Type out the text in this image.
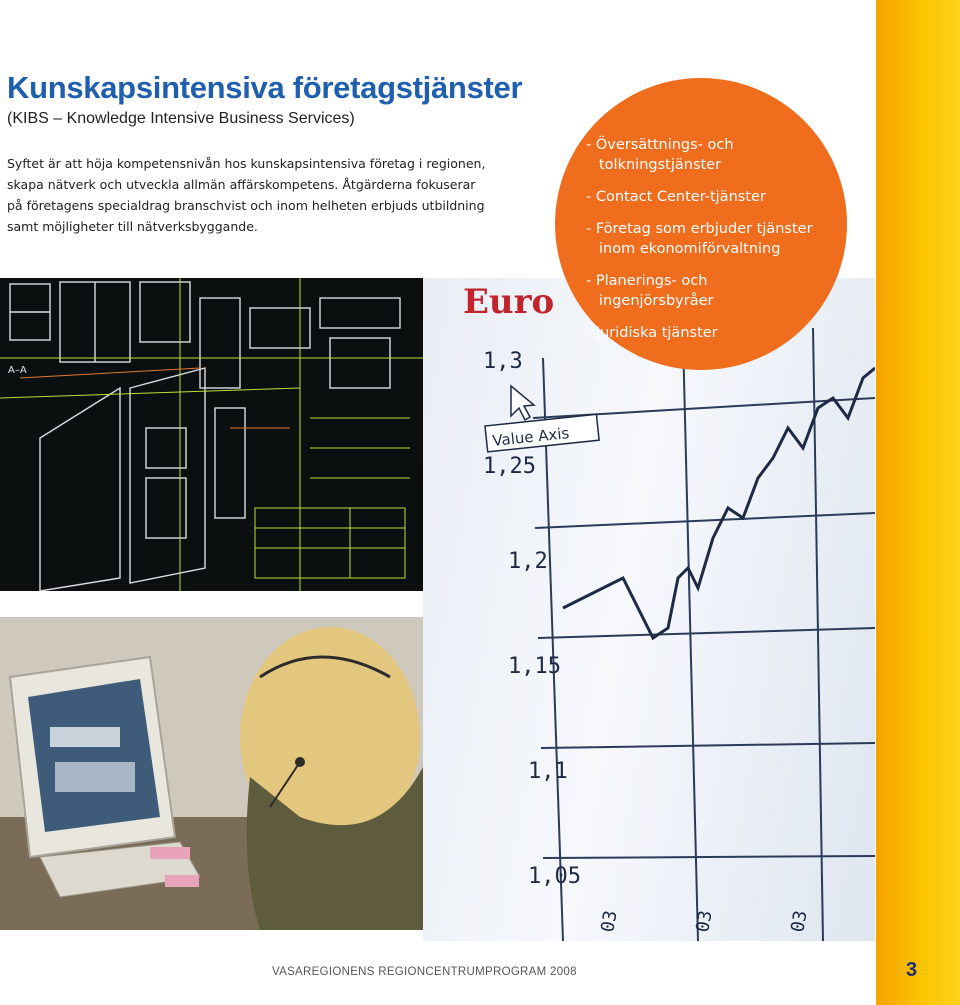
Kunskapsintensiva företagstjänster
(KIBS – Knowledge Intensive Business Services)
Syftet är att höja kompetensnivån hos kunskapsintensiva företag i regionen,
skapa nätverk och utveckla allmän affärskompetens. Åtgärderna fokuserar
på företagens specialdrag branschvist och inom helheten erbjuds utbildning
samt möjligheter till nätverksbyggande.
A–A
Euro
1,3
1,25
1,2
1,15
1,1
1,05
Value Axis
03	03	03
- Översättnings- och
tolkningstjänster
- Contact Center-tjänster
- Företag som erbjuder tjänster
inom ekonomiförvaltning
- Planerings- och
ingenjörsbyråer
- Juridiska tjänster
VASAREGIONENS REGIONCENTRUMPROGRAM 2008	3
